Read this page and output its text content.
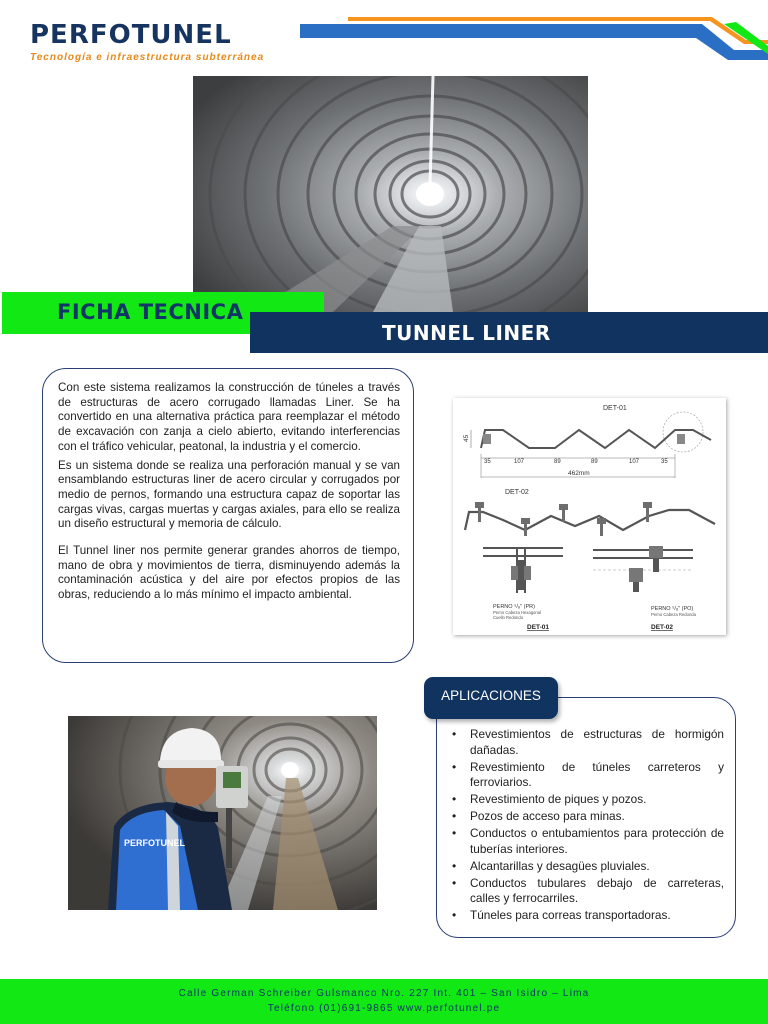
PERFOTUNEL
Tecnología e infraestructura subterránea
FICHA TECNICA
TUNNEL LINER

Con este sistema realizamos la construcción de túneles a través de estructuras de acero corrugado llamadas Liner. Se ha convertido en una alternativa práctica para reemplazar el método de excavación con zanja a cielo abierto, evitando interferencias con el tráfico vehicular, peatonal, la industria y el comercio.

Es un sistema donde se realiza una perforación manual y se van ensamblando estructuras liner de acero circular y corrugados por medio de pernos, formando una estructura capaz de soportar las cargas vivas, cargas muertas y cargas axiales, para ello se realiza un diseño estructural y memoria de cálculo.

El Tunnel liner nos permite generar grandes ahorros de tiempo, mano de obra y movimientos de tierra, disminuyendo además la contaminación acústica y del aire por efectos propios de las obras, reduciendo a lo más mínimo el impacto ambiental.

DET-01
45
35	107	89	89	107	35
462mm
DET-02
PERNO ⁵/₈" (PR)
Perno Cabeza Hexagonal
Cuello Redondo
PERNO ⁵/₈" (PO)
Perno Cabeza Redonda
DET-01	DET-02
PERFOTUNEL
APLICACIONES
• Revestimientos de estructuras de hormigón dañadas.
• Revestimiento de túneles carreteros y ferroviarios.
• Revestimiento de piques y pozos.
• Pozos de acceso para minas.
• Conductos o entubamientos para protección de tuberías interiores.
• Alcantarillas y desagües pluviales.
• Conductos tubulares debajo de carreteras, calles y ferrocarriles.
• Túneles para correas transportadoras.
Calle German Schreiber Gulsmanco Nro. 227 Int. 401 – San Isidro – Lima
Teléfono (01)691-9865 www.perfotunel.pe
